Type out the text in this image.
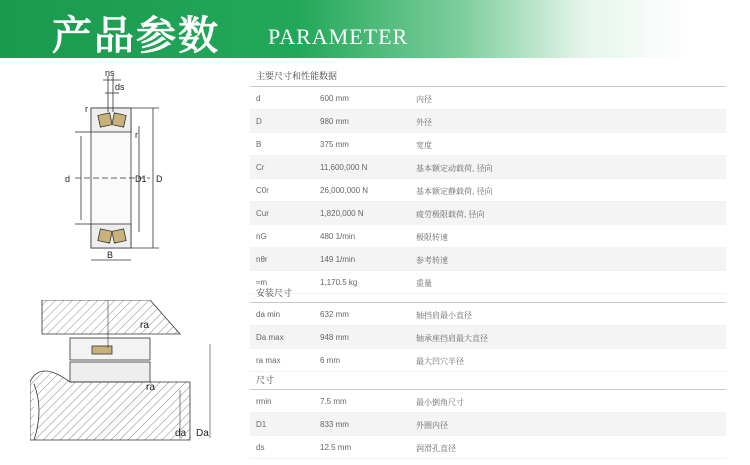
产品参数 PARAMETER
ns
ds
r
r
d	D1 D
B
ra
ra
da Da
主要尺寸和性能数据
d	600 mm	内径
D	980 mm	外径
B	375 mm	宽度
Cr	11,600,000 N	基本额定动载荷, 径向
C0r	26,000,000 N	基本额定静载荷, 径向
Cur	1,820,000 N	疲劳极限载荷, 径向
nG	480 1/min	极限转速
nθr	149 1/min	参考转速
≈m	1,170.5 kg	重量
安装尺寸
da min	632 mm	轴挡肩最小直径
Da max	948 mm	轴承座挡肩最大直径
ra max	6 mm	最大凹穴半径
尺寸
rmin	7.5 mm	最小倒角尺寸
D1	833 mm	外圈内径
ds	12.5 mm	润滑孔直径
